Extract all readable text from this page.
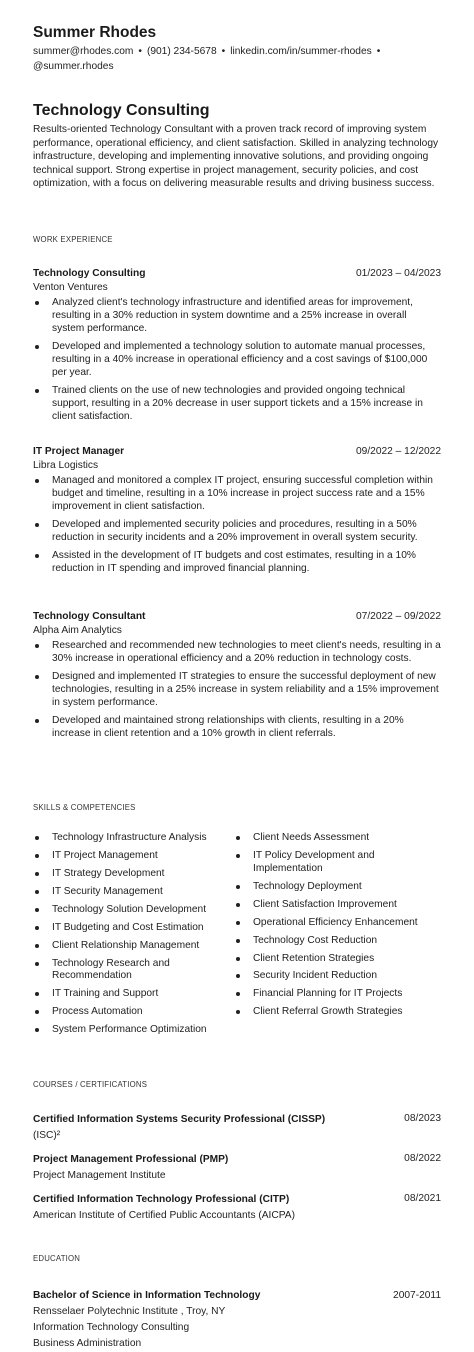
Summer Rhodes
summer@rhodes.com • (901) 234-5678 • linkedin.com/in/summer-rhodes •
@summer.rhodes
Technology Consulting
Results-oriented Technology Consultant with a proven track record of improving system performance, operational efficiency, and client satisfaction. Skilled in analyzing technology infrastructure, developing and implementing innovative solutions, and providing ongoing technical support. Strong expertise in project management, security policies, and cost optimization, with a focus on delivering measurable results and driving business success.
WORK EXPERIENCE
Technology Consulting	01/2023 – 04/2023
Venton Ventures
Analyzed client's technology infrastructure and identified areas for improvement, resulting in a 30% reduction in system downtime and a 25% increase in overall system performance.
Developed and implemented a technology solution to automate manual processes, resulting in a 40% increase in operational efficiency and a cost savings of $100,000 per year.
Trained clients on the use of new technologies and provided ongoing technical support, resulting in a 20% decrease in user support tickets and a 15% increase in client satisfaction.
IT Project Manager	09/2022 – 12/2022
Libra Logistics
Managed and monitored a complex IT project, ensuring successful completion within budget and timeline, resulting in a 10% increase in project success rate and a 15% improvement in client satisfaction.
Developed and implemented security policies and procedures, resulting in a 50% reduction in security incidents and a 20% improvement in overall system security.
Assisted in the development of IT budgets and cost estimates, resulting in a 10% reduction in IT spending and improved financial planning.
Technology Consultant	07/2022 – 09/2022
Alpha Aim Analytics
Researched and recommended new technologies to meet client's needs, resulting in a 30% increase in operational efficiency and a 20% reduction in technology costs.
Designed and implemented IT strategies to ensure the successful deployment of new technologies, resulting in a 25% increase in system reliability and a 15% improvement in system performance.
Developed and maintained strong relationships with clients, resulting in a 20% increase in client retention and a 10% growth in client referrals.
SKILLS & COMPETENCIES
Technology Infrastructure Analysis
IT Project Management
IT Strategy Development
IT Security Management
Technology Solution Development
IT Budgeting and Cost Estimation
Client Relationship Management
Technology Research and Recommendation
IT Training and Support
Process Automation
System Performance Optimization
Client Needs Assessment
IT Policy Development and Implementation
Technology Deployment
Client Satisfaction Improvement
Operational Efficiency Enhancement
Technology Cost Reduction
Client Retention Strategies
Security Incident Reduction
Financial Planning for IT Projects
Client Referral Growth Strategies
COURSES / CERTIFICATIONS
Certified Information Systems Security Professional (CISSP)	08/2023
(ISC)²
Project Management Professional (PMP)	08/2022
Project Management Institute
Certified Information Technology Professional (CITP)	08/2021
American Institute of Certified Public Accountants (AICPA)
EDUCATION
Bachelor of Science in Information Technology	2007-2011
Rensselaer Polytechnic Institute , Troy, NY
Information Technology Consulting
Business Administration
